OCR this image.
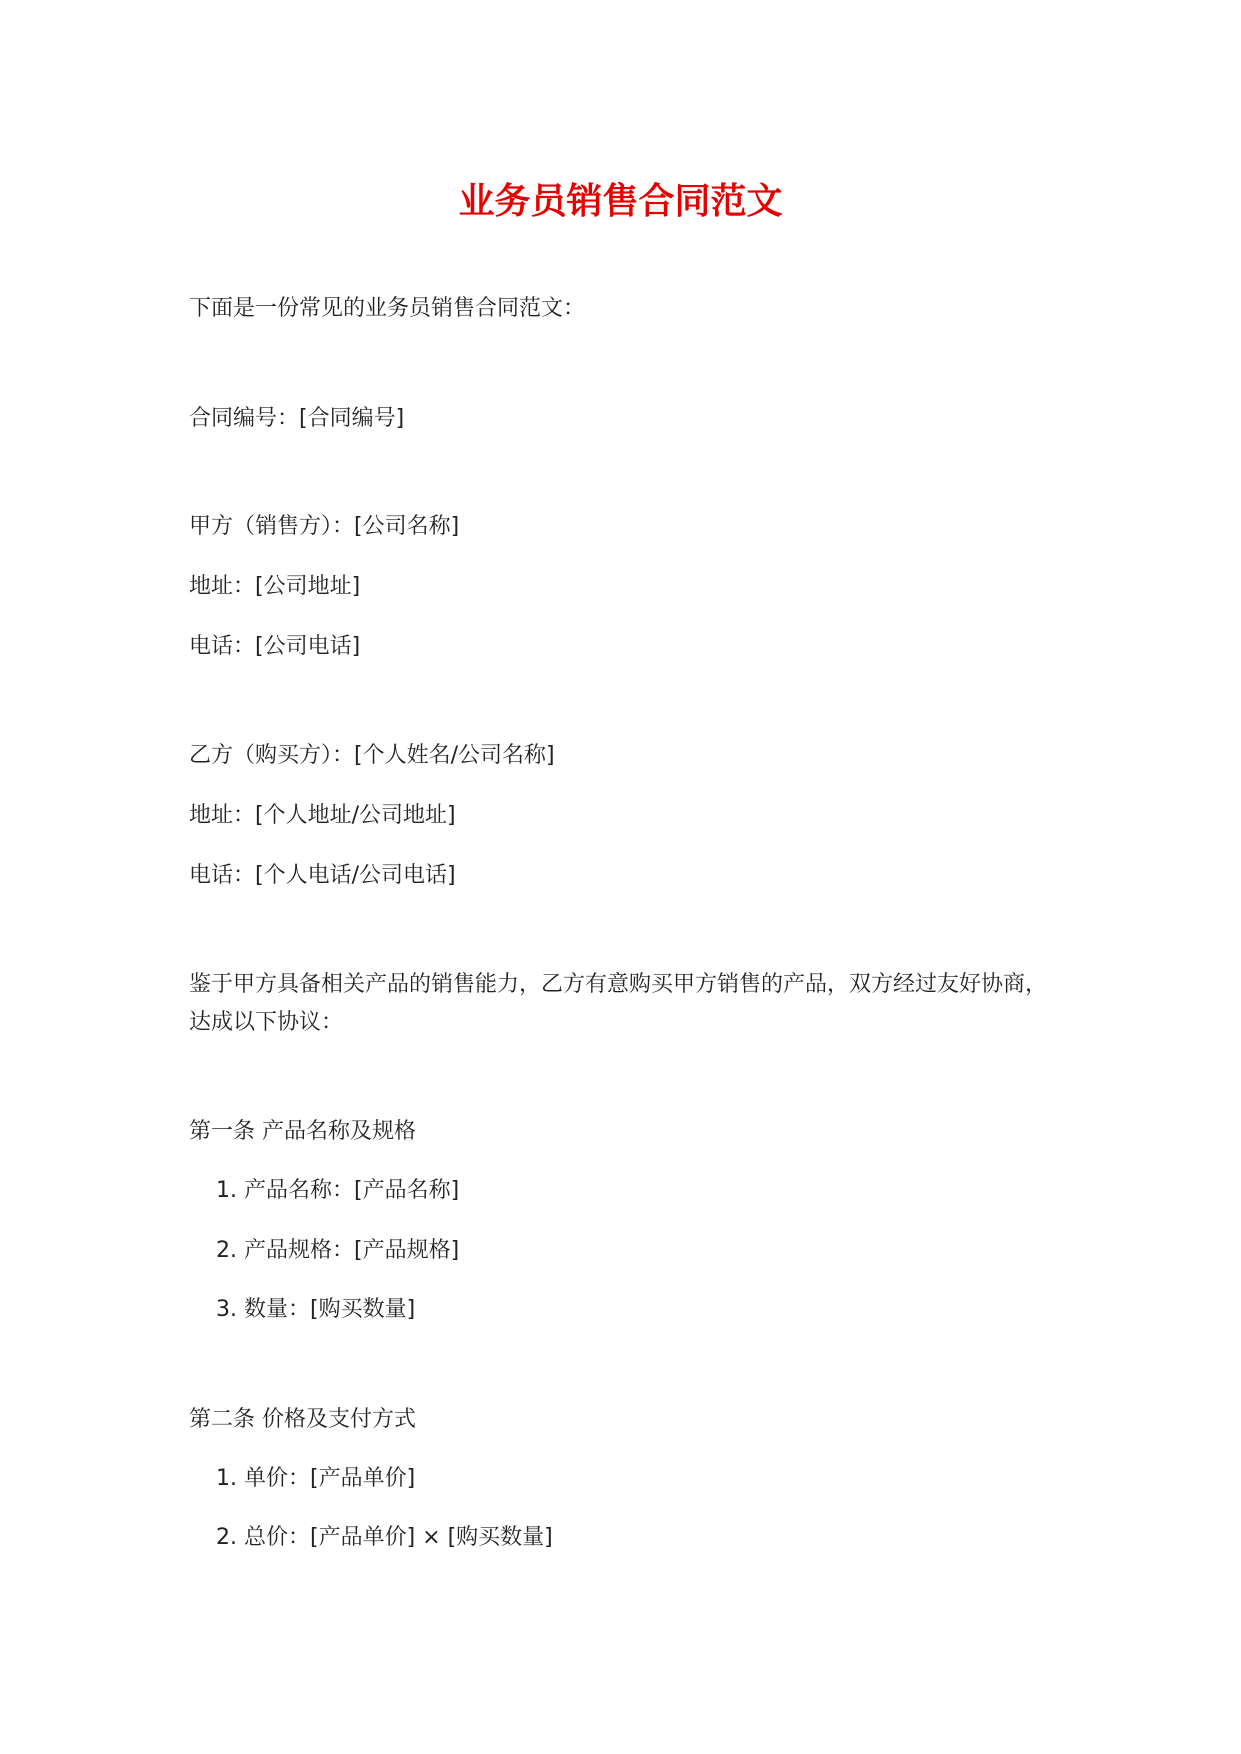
业务员销售合同范文

下面是一份常见的业务员销售合同范文：

合同编号：[合同编号]

甲方（销售方）：[公司名称]

地址：[公司地址]

电话：[公司电话]

乙方（购买方）：[个人姓名/公司名称]

地址：[个人地址/公司地址]

电话：[个人电话/公司电话]

鉴于甲方具备相关产品的销售能力，乙方有意购买甲方销售的产品，双方经过友好协商，达成以下协议：

第一条 产品名称及规格

1. 产品名称：[产品名称]

2. 产品规格：[产品规格]

3. 数量：[购买数量]

第二条 价格及支付方式

1. 单价：[产品单价]

2. 总价：[产品单价] × [购买数量]
